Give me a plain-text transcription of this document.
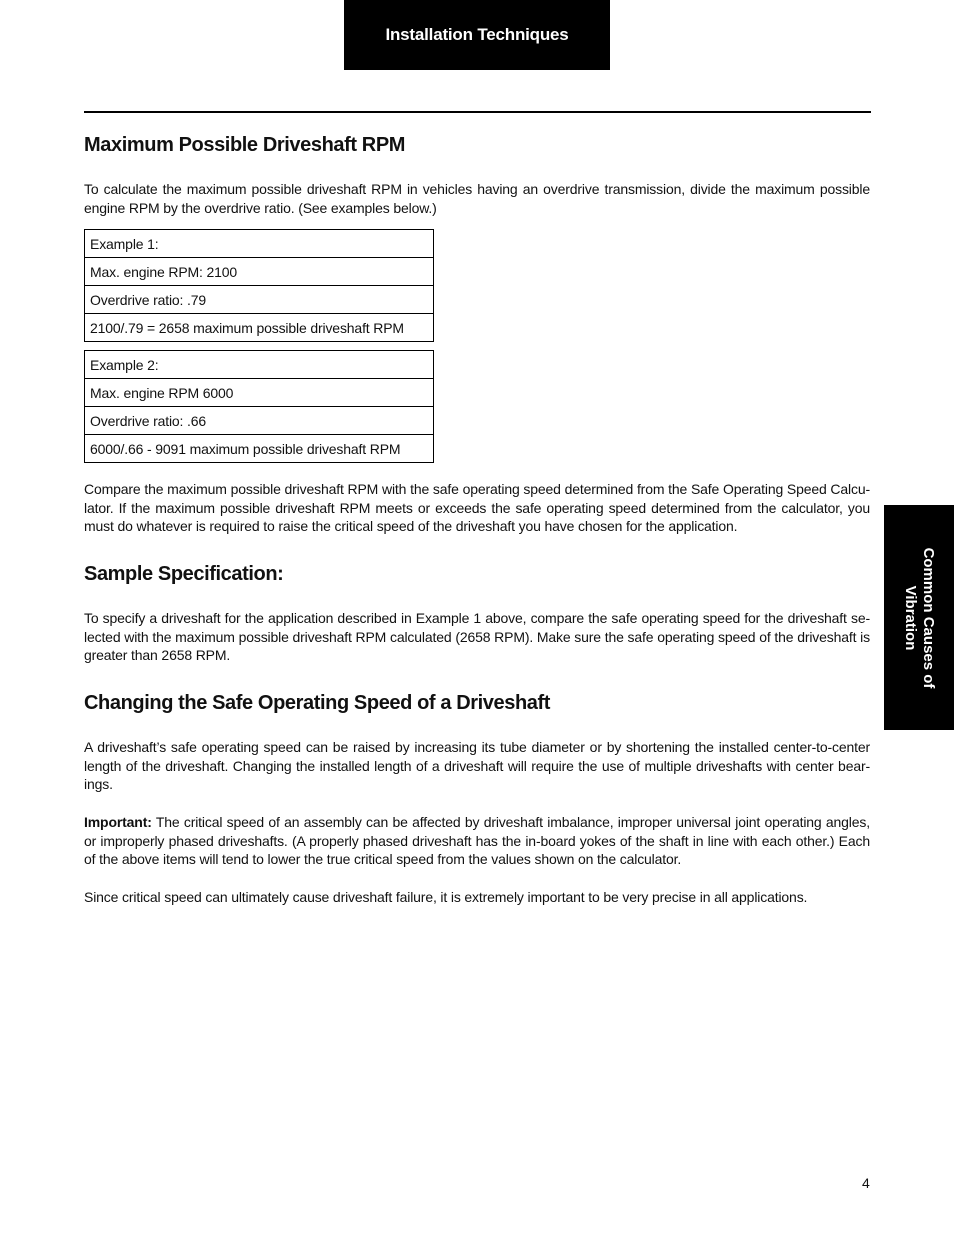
Installation Techniques
Common Causes of
Vibration
Maximum Possible Driveshaft RPM

To calculate the maximum possible driveshaft RPM in vehicles having an overdrive transmission, divide the maximum possible engine RPM by the overdrive ratio. (See examples below.)

Example 1:
Max. engine RPM: 2100
Overdrive ratio: .79
2100/.79 = 2658 maximum possible driveshaft RPM
Example 2:
Max. engine RPM 6000
Overdrive ratio: .66
6000/.66 - 9091 maximum possible driveshaft RPM

Compare the maximum possible driveshaft RPM with the safe operating speed determined from the Safe Operating Speed Calcu-lator. If the maximum possible driveshaft RPM meets or exceeds the safe operating speed determined from the calculator, you must do whatever is required to raise the critical speed of the driveshaft you have chosen for the application.

Sample Specification:

To specify a driveshaft for the application described in Example 1 above, compare the safe operating speed for the driveshaft se-lected with the maximum possible driveshaft RPM calculated (2658 RPM). Make sure the safe operating speed of the driveshaft is greater than 2658 RPM.

Changing the Safe Operating Speed of a Driveshaft

A driveshaft’s safe operating speed can be raised by increasing its tube diameter or by shortening the installed center-to-center length of the driveshaft. Changing the installed length of a driveshaft will require the use of multiple driveshafts with center bear-ings.

Important: The critical speed of an assembly can be affected by driveshaft imbalance, improper universal joint operating angles, or improperly phased driveshafts. (A properly phased driveshaft has the in-board yokes of the shaft in line with each other.) Each of the above items will tend to lower the true critical speed from the values shown on the calculator.

Since critical speed can ultimately cause driveshaft failure, it is extremely important to be very precise in all applications.

4
